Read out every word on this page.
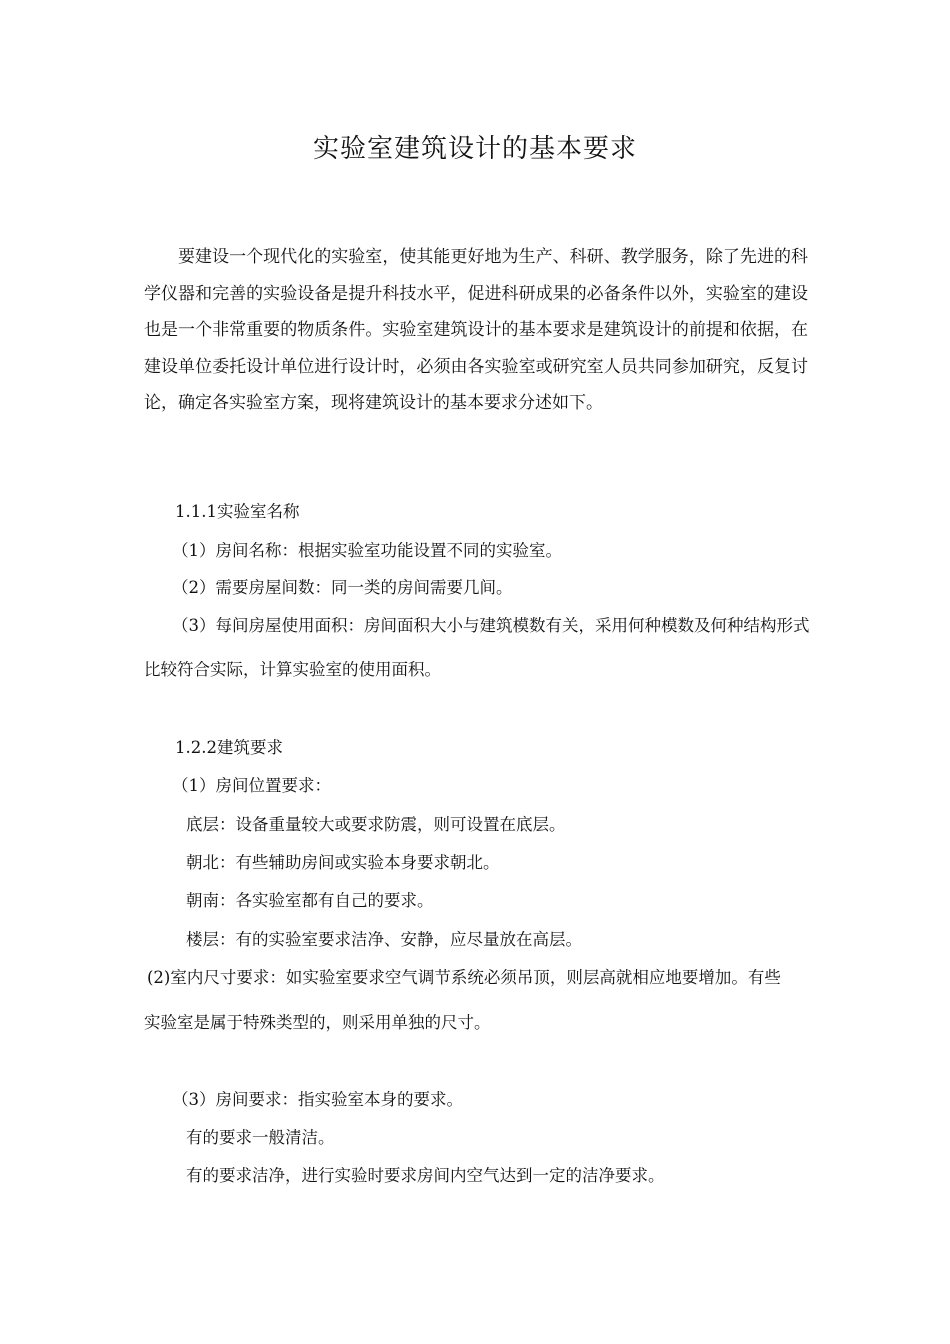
实验室建筑设计的基本要求

要建设一个现代化的实验室，使其能更好地为生产、科研、教学服务，除了先进的科学仪器和完善的实验设备是提升科技水平，促进科研成果的必备条件以外，实验室的建设也是一个非常重要的物质条件。实验室建筑设计的基本要求是建筑设计的前提和依据，在建设单位委托设计单位进行设计时，必须由各实验室或研究室人员共同参加研究，反复讨论，确定各实验室方案，现将建筑设计的基本要求分述如下。

1.1.1实验室名称

（1）房间名称：根据实验室功能设置不同的实验室。

（2）需要房屋间数：同一类的房间需要几间。

（3）每间房屋使用面积：房间面积大小与建筑模数有关，采用何种模数及何种结构形式

比较符合实际，计算实验室的使用面积。

1.2.2建筑要求

（1）房间位置要求：

底层：设备重量较大或要求防震，则可设置在底层。

朝北：有些辅助房间或实验本身要求朝北。

朝南：各实验室都有自己的要求。

楼层：有的实验室要求洁净、安静，应尽量放在高层。

(2)室内尺寸要求：如实验室要求空气调节系统必须吊顶，则层高就相应地要增加。有些

实验室是属于特殊类型的，则采用单独的尺寸。

（3）房间要求：指实验室本身的要求。

有的要求一般清洁。

有的要求洁净，进行实验时要求房间内空气达到一定的洁净要求。
